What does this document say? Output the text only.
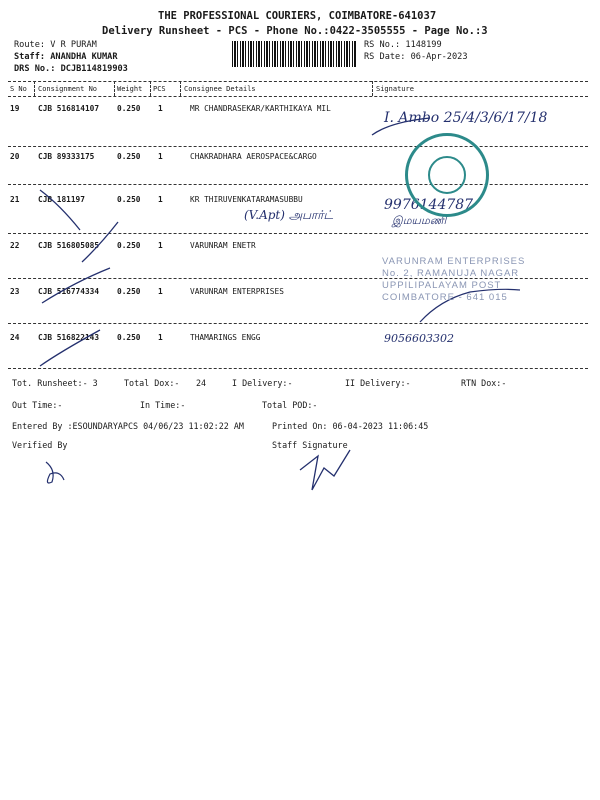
THE PROFESSIONAL COURIERS, COIMBATORE-641037
Delivery Runsheet - PCS - Phone No.:0422-3505555 - Page No.:3
Route: V R PURAM
Staff: ANANDHA KUMAR
DRS No.: DCJB114819903
RS No.: 1148199
RS Date: 06-Apr-2023
S No Consignment No	Weight PCS	Consignee Details	Signature
19 CJB 516814107 0.250 1	MR CHANDRASEKAR/KARTHIKAYA MIL
20 CJB 89333175	0.250 1	CHAKRADHARA AEROSPACE&CARGO
21 CJB 181197	0.250 1	KR THIRUVENKATARAMASUBBU
22 CJB 516805085 0.250 1	VARUNRAM ENETR
23 CJB 516774334 0.250 1	VARUNRAM ENTERPRISES
24 CJB 516822143 0.250 1	THAMARINGS ENGG
I. Ambo 25/4/3/6/17/18
(V.Apt) அபார்ட்
9976144787
இமயமணி
9056603302
VARUNRAM ENTERPRISES
No. 2, RAMANUJA NAGAR
UPPILIPALAYAM POST
COIMBATORE - 641 015
Tot. Runsheet:- 3	Total Dox:- 24	I Delivery:-	II Delivery:-	RTN Dox:-
Out Time:-	In Time:-	Total POD:-
Entered By :ESOUNDARYAPCS 04/06/23 11:02:22 AM	Printed On: 06-04-2023 11:06:45
Verified By	Staff Signature
